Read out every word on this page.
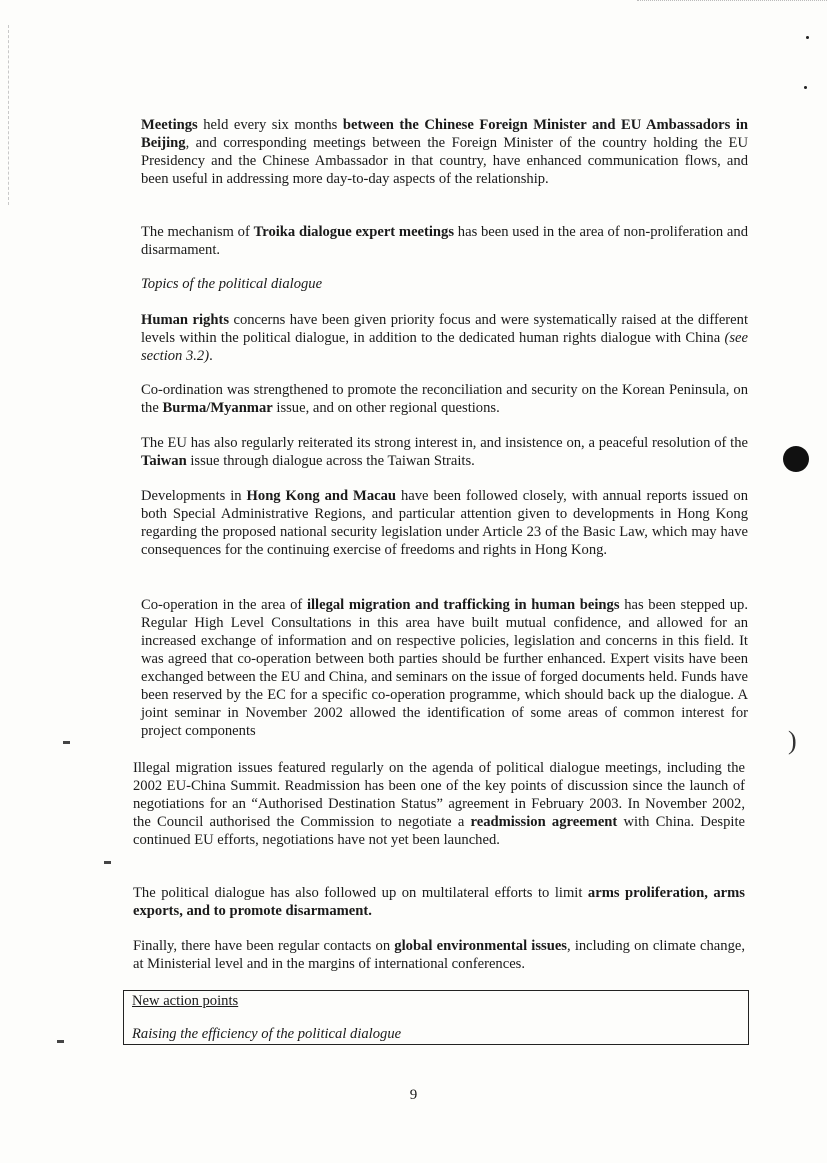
)

Meetings held every six months between the Chinese Foreign Minister and EU Ambassadors in Beijing, and corresponding meetings between the Foreign Minister of the country holding the EU Presidency and the Chinese Ambassador in that country, have enhanced communication flows, and been useful in addressing more day-to-day aspects of the relationship.

The mechanism of Troika dialogue expert meetings has been used in the area of non-proliferation and disarmament.

Topics of the political dialogue

Human rights concerns have been given priority focus and were systematically raised at the different levels within the political dialogue, in addition to the dedicated human rights dialogue with China (see section 3.2).

Co-ordination was strengthened to promote the reconciliation and security on the Korean Peninsula, on the Burma/Myanmar issue, and on other regional questions.

The EU has also regularly reiterated its strong interest in, and insistence on, a peaceful resolution of the Taiwan issue through dialogue across the Taiwan Straits.

Developments in Hong Kong and Macau have been followed closely, with annual reports issued on both Special Administrative Regions, and particular attention given to developments in Hong Kong regarding the proposed national security legislation under Article 23 of the Basic Law, which may have consequences for the continuing exercise of freedoms and rights in Hong Kong.

Co-operation in the area of illegal migration and trafficking in human beings has been stepped up. Regular High Level Consultations in this area have built mutual confidence, and allowed for an increased exchange of information and on respective policies, legislation and concerns in this field. It was agreed that co-operation between both parties should be further enhanced. Expert visits have been exchanged between the EU and China, and seminars on the issue of forged documents held. Funds have been reserved by the EC for a specific co-operation programme, which should back up the dialogue. A joint seminar in November 2002 allowed the identification of some areas of common interest for project components

Illegal migration issues featured regularly on the agenda of political dialogue meetings, including the 2002 EU-China Summit. Readmission has been one of the key points of discussion since the launch of negotiations for an “Authorised Destination Status” agreement in February 2003. In November 2002, the Council authorised the Commission to negotiate a readmission agreement with China. Despite continued EU efforts, negotiations have not yet been launched.

The political dialogue has also followed up on multilateral efforts to limit arms proliferation, arms exports, and to promote disarmament.

Finally, there have been regular contacts on global environmental issues, including on climate change, at Ministerial level and in the margins of international conferences.

New action points
Raising the efficiency of the political dialogue
9
